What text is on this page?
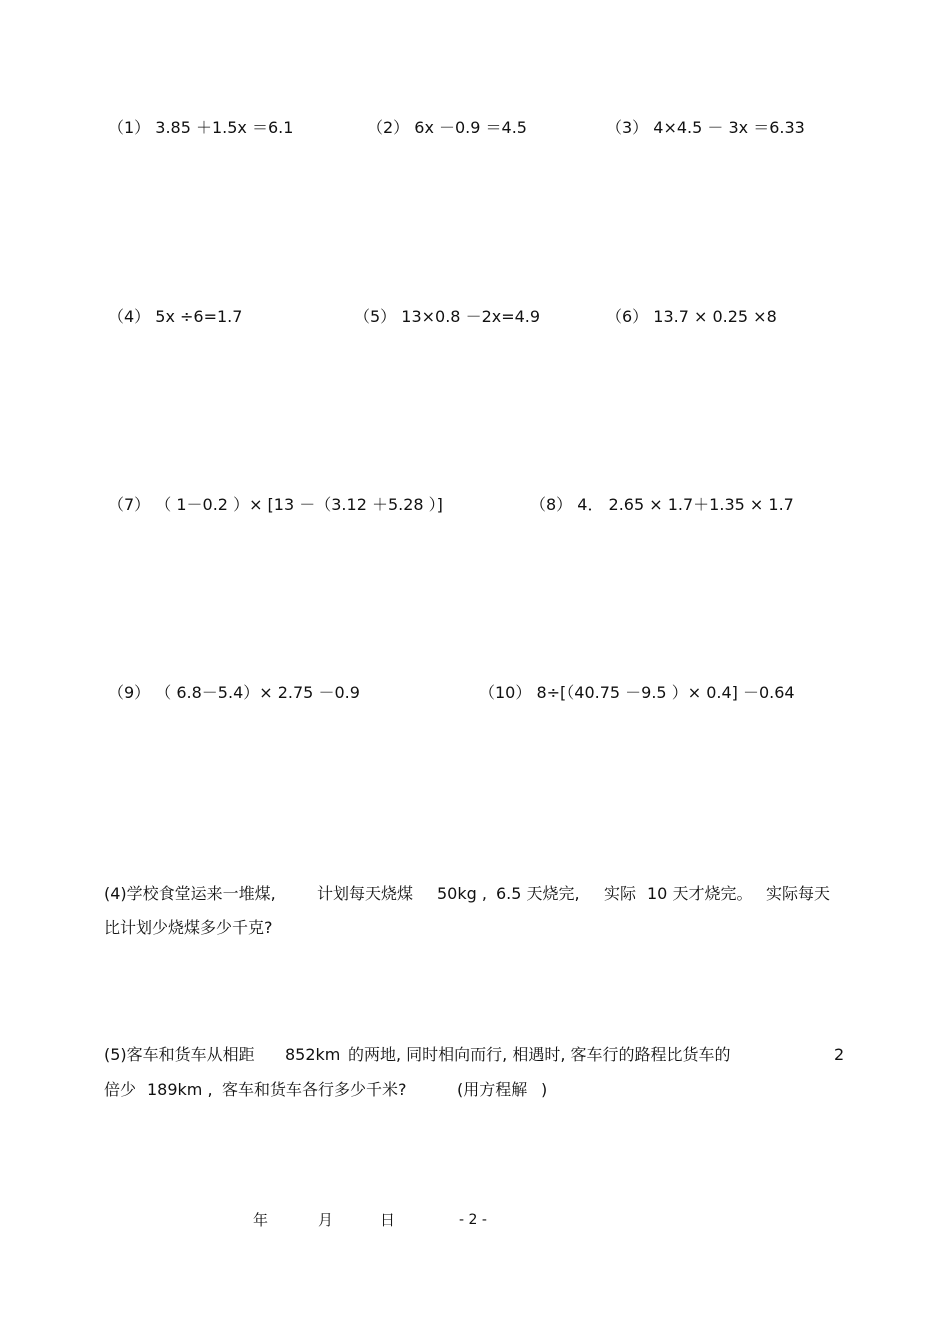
（1） 3.85 ＋1.5x ＝6.1	（2） 6x －0.9 ＝4.5	（3） 4×4.5 － 3x ＝6.33
（4） 5x ÷6=1.7	（5） 13×0.8 －2x=4.9	（6） 13.7 × 0.25 ×8
（7） （ 1－0.2 ）× [13 －（3.12 ＋5.28 ）]	（8） 4． 2.65 × 1.7＋1.35 × 1.7
（9） （ 6.8－5.4）× 2.75 －0.9	（10） 8÷[（40.75 －9.5 ）× 0.4] －0.64
(4)学校食堂运来一堆煤,	计划每天烧煤 50kg , 6.5 天烧完, 实际 10 天才烧完。 实际每天
比计划少烧煤多少千克?
(5)客车和货车从相距 852km 的两地, 同时相向而行, 相遇时, 客车行的路程比货车的	2
倍少 189km , 客车和货车各行多少千米?	(用方程解 )
年	月	日	- 2 -
